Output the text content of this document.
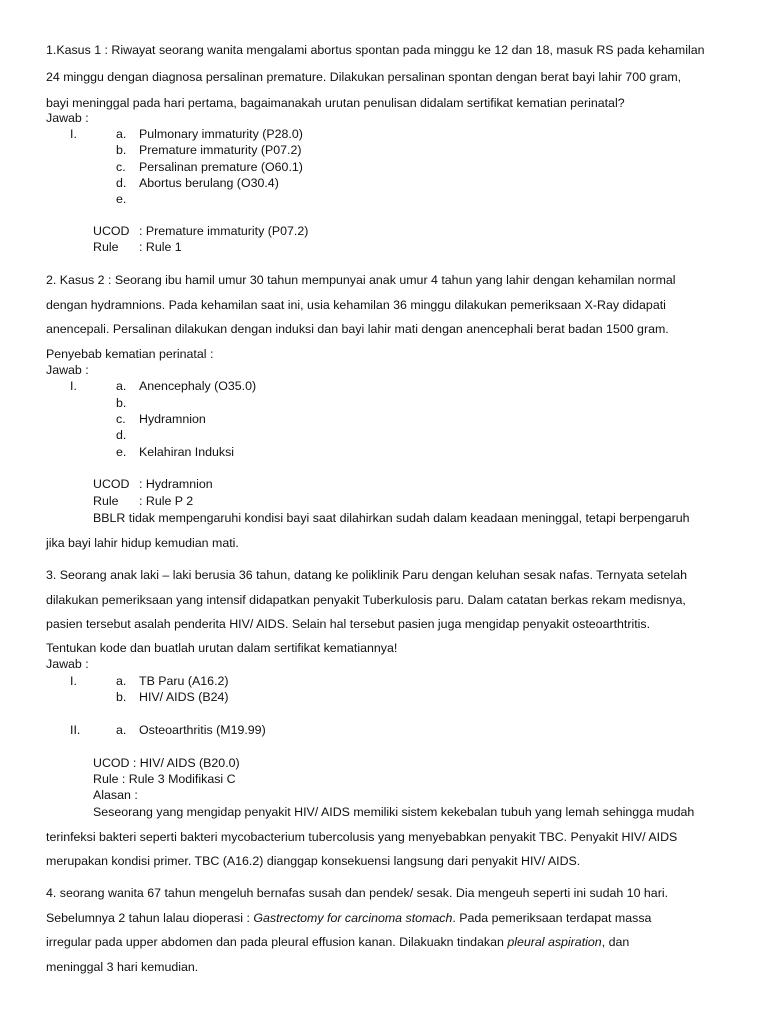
1.Kasus 1 : Riwayat seorang wanita mengalami abortus spontan pada minggu ke 12 dan 18, masuk RS pada kehamilan
24 minggu dengan diagnosa persalinan premature. Dilakukan persalinan spontan dengan berat bayi lahir 700 gram,
bayi meninggal pada hari pertama, bagaimanakah urutan penulisan didalam sertifikat kematian perinatal?
Jawab :
I.	a. Pulmonary immaturity (P28.0)
b. Premature immaturity (P07.2)
c. Persalinan premature (O60.1)
d. Abortus berulang (O30.4)
e.
UCOD : Premature immaturity (P07.2)
Rule : Rule 1
2. Kasus 2 : Seorang ibu hamil umur 30 tahun mempunyai anak umur 4 tahun yang lahir dengan kehamilan normal
dengan hydramnions. Pada kehamilan saat ini, usia kehamilan 36 minggu dilakukan pemeriksaan X-Ray didapati
anencepali. Persalinan dilakukan dengan induksi dan bayi lahir mati dengan anencephali berat badan 1500 gram.
Penyebab kematian perinatal :
Jawab :
I.	a. Anencephaly (O35.0)
b.
c. Hydramnion
d.
e. Kelahiran Induksi
UCOD : Hydramnion
Rule : Rule P 2
BBLR tidak mempengaruhi kondisi bayi saat dilahirkan sudah dalam keadaan meninggal, tetapi berpengaruh
jika bayi lahir hidup kemudian mati.
3. Seorang anak laki – laki berusia 36 tahun, datang ke poliklinik Paru dengan keluhan sesak nafas. Ternyata setelah
dilakukan pemeriksaan yang intensif didapatkan penyakit Tuberkulosis paru. Dalam catatan berkas rekam medisnya,
pasien tersebut asalah penderita HIV/ AIDS. Selain hal tersebut pasien juga mengidap penyakit osteoarthtritis.
Tentukan kode dan buatlah urutan dalam sertifikat kematiannya!
Jawab :
I.	a. TB Paru (A16.2)
b. HIV/ AIDS (B24)
II.	a. Osteoarthritis (M19.99)
UCOD : HIV/ AIDS (B20.0)
Rule : Rule 3 Modifikasi C
Alasan :
Seseorang yang mengidap penyakit HIV/ AIDS memiliki sistem kekebalan tubuh yang lemah sehingga mudah
terinfeksi bakteri seperti bakteri mycobacterium tubercolusis yang menyebabkan penyakit TBC. Penyakit HIV/ AIDS
merupakan kondisi primer. TBC (A16.2) dianggap konsekuensi langsung dari penyakit HIV/ AIDS.
4. seorang wanita 67 tahun mengeluh bernafas susah dan pendek/ sesak. Dia mengeuh seperti ini sudah 10 hari.
Sebelumnya 2 tahun lalau dioperasi : Gastrectomy for carcinoma stomach. Pada pemeriksaan terdapat massa
irregular pada upper abdomen dan pada pleural effusion kanan. Dilakuakn tindakan pleural aspiration, dan
meninggal 3 hari kemudian.
